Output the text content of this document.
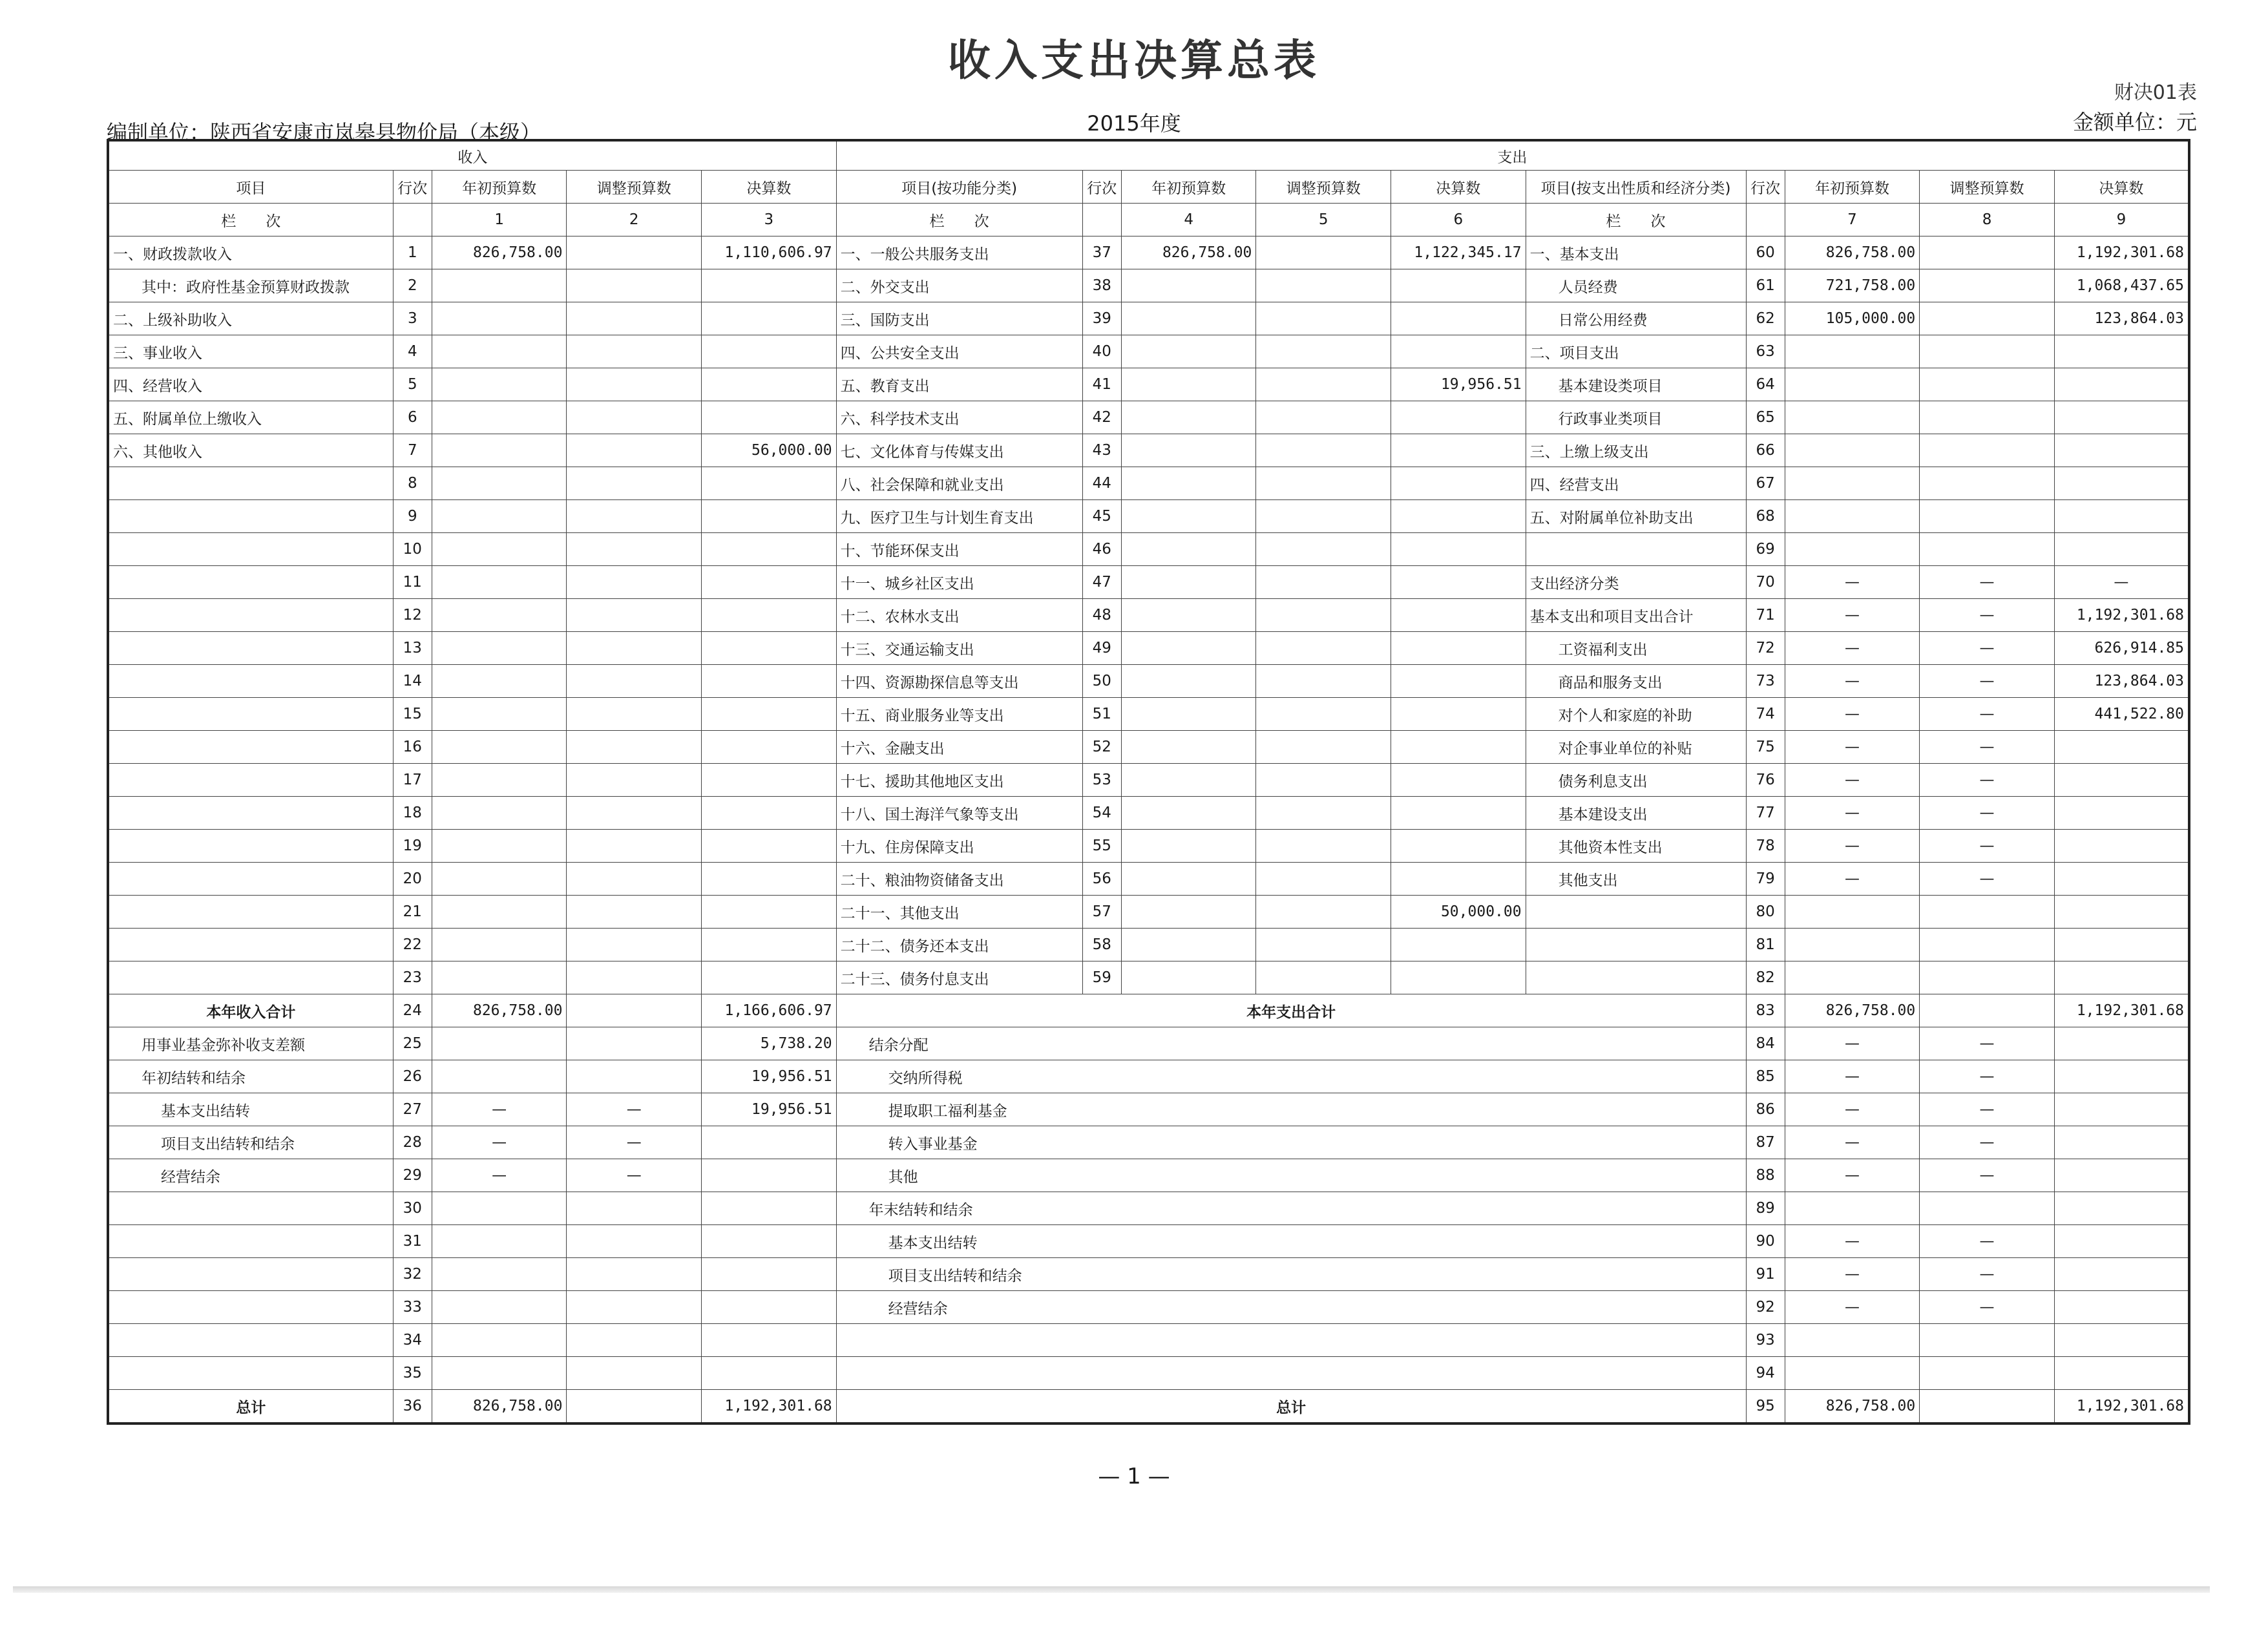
收入支出决算总表
财决01表
编制单位：陕西省安康市岚皋县物价局（本级）	2015年度	金额单位：元
收入					支出									
项目	行次	年初预算数	调整预算数	决算数	项目(按功能分类)	行次	年初预算数	调整预算数	决算数	项目(按支出性质和经济分类)	行次	年初预算数	调整预算数	决算数
栏　　次		1	2	3	栏　　次		4	5	6	栏　　次		7	8	9
一、财政拨款收入	1	826,758.00		1,110,606.97	一、一般公共服务支出	37	826,758.00		1,122,345.17	一、基本支出	60	826,758.00		1,192,301.68
其中：政府性基金预算财政拨款	2				二、外交支出	38				人员经费	61	721,758.00		1,068,437.65
二、上级补助收入	3				三、国防支出	39				日常公用经费	62	105,000.00		123,864.03
三、事业收入	4				四、公共安全支出	40				二、项目支出	63			
四、经营收入	5				五、教育支出	41			19,956.51	基本建设类项目	64			
五、附属单位上缴收入	6				六、科学技术支出	42				行政事业类项目	65			
六、其他收入	7			56,000.00	七、文化体育与传媒支出	43				三、上缴上级支出	66			
	8				八、社会保障和就业支出	44				四、经营支出	67			
	9				九、医疗卫生与计划生育支出	45				五、对附属单位补助支出	68			
	10				十、节能环保支出	46					69			
	11				十一、城乡社区支出	47				支出经济分类	70	—	—	—
	12				十二、农林水支出	48				基本支出和项目支出合计	71	—	—	1,192,301.68
	13				十三、交通运输支出	49				工资福利支出	72	—	—	626,914.85
	14				十四、资源勘探信息等支出	50				商品和服务支出	73	—	—	123,864.03
	15				十五、商业服务业等支出	51				对个人和家庭的补助	74	—	—	441,522.80
	16				十六、金融支出	52				对企事业单位的补贴	75	—	—	
	17				十七、援助其他地区支出	53				债务利息支出	76	—	—	
	18				十八、国土海洋气象等支出	54				基本建设支出	77	—	—	
	19				十九、住房保障支出	55				其他资本性支出	78	—	—	
	20				二十、粮油物资储备支出	56				其他支出	79	—	—	
	21				二十一、其他支出	57			50,000.00		80			
	22				二十二、债务还本支出	58					81			
	23				二十三、债务付息支出	59					82			
本年收入合计	24	826,758.00		1,166,606.97	本年支出合计						83	826,758.00		1,192,301.68
用事业基金弥补收支差额	25			5,738.20	结余分配						84	—	—	
年初结转和结余	26			19,956.51	交纳所得税						85	—	—	
基本支出结转	27	—	—	19,956.51	提取职工福利基金						86	—	—	
项目支出结转和结余	28	—	—		转入事业基金						87	—	—	
经营结余	29	—	—		其他						88	—	—	
	30				年末结转和结余						89			
	31				基本支出结转						90	—	—	
	32				项目支出结转和结余						91	—	—	
	33				经营结余						92	—	—	
	34										93			
	35										94			
总计	36	826,758.00		1,192,301.68	总计						95	826,758.00		1,192,301.68
— 1 —
